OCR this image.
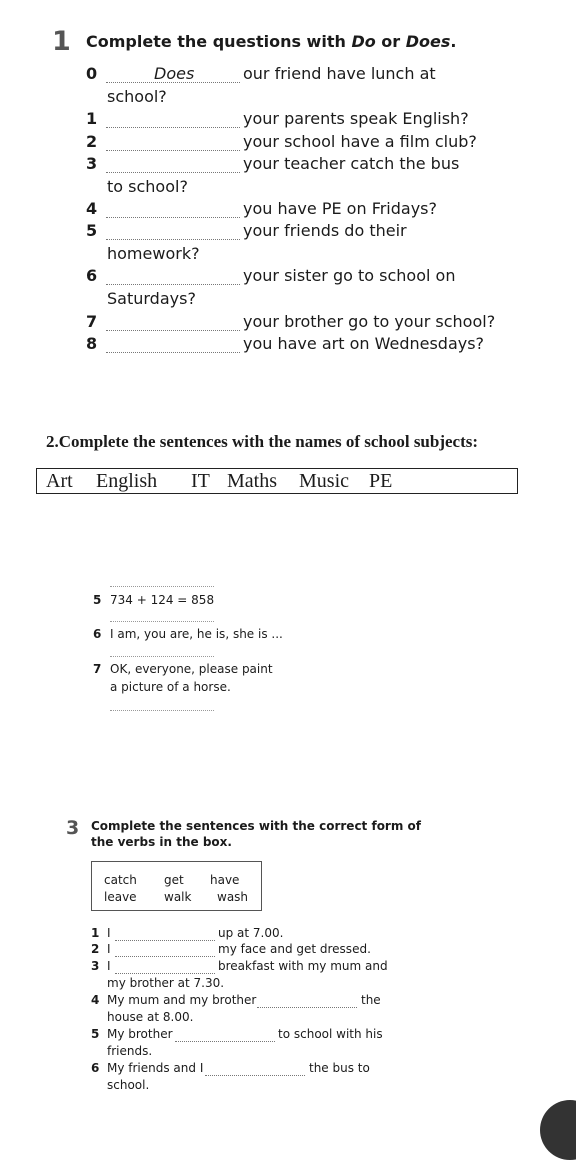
1 Complete the questions with Do or Does.
0	Does	our friend have lunch at
school?
1	your parents speak English?
2	your school have a film club?
3	your teacher catch the bus
to school?
4	you have PE on Fridays?
5	your friends do their
homework?
6	your sister go to school on
Saturdays?
7	your brother go to your school?
8	you have art on Wednesdays?
2.Complete the sentences with the names of school subjects:
Art English IT Maths Music PE
5 734 + 124 = 858
6 I am, you are, he is, she is ...
7 OK, everyone, please paint
a picture of a horse.
3 Complete the sentences with the correct form of
the verbs in the box.
catch get have
leave walk wash
1 I	up at 7.00.
2 I	my face and get dressed.
3 I	breakfast with my mum and
my brother at 7.30.
4 My mum and my brother	the
house at 8.00.
5 My brother	to school with his
friends.
6 My friends and I	the bus to
school.
